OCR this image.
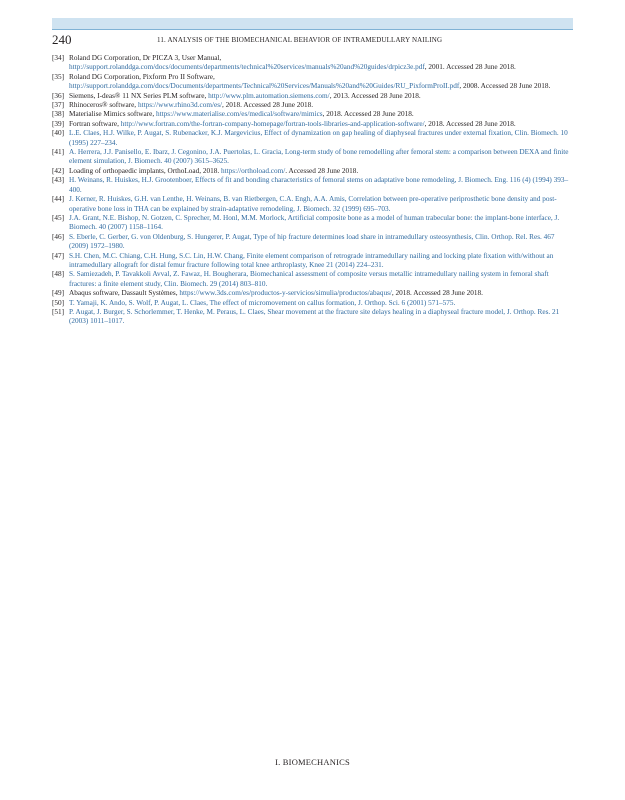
240	11. ANALYSIS OF THE BIOMECHANICAL BEHAVIOR OF INTRAMEDULLARY NAILING
[34] Roland DG Corporation, Dr PICZA 3, User Manual, http://support.rolanddga.com/docs/documents/departments/technical%20services/manuals%20and%20guides/drpicz3e.pdf, 2001. Accessed 28 June 2018.
[35] Roland DG Corporation, Pixform Pro II Software, http://support.rolanddga.com/docs/Documents/departments/Technical%20Services/Manuals%20and%20Guides/RU_PixformProII.pdf, 2008. Accessed 28 June 2018.
[36] Siemens, I-deas® 11 NX Series PLM software, http://www.plm.automation.siemens.com/, 2013. Accessed 28 June 2018.
[37] Rhinoceros® software, https://www.rhino3d.com/es/, 2018. Accessed 28 June 2018.
[38] Materialise Mimics software, https://www.materialise.com/es/medical/software/mimics, 2018. Accessed 28 June 2018.
[39] Fortran software, http://www.fortran.com/the-fortran-company-homepage/fortran-tools-libraries-and-application-software/, 2018. Accessed 28 June 2018.
[40] L.E. Claes, H.J. Wilke, P. Augat, S. Rubenacker, K.J. Margevicius, Effect of dynamization on gap healing of diaphyseal fractures under external fixation, Clin. Biomech. 10 (1995) 227–234.
[41] A. Herrera, J.J. Panisello, E. Ibarz, J. Cegonino, J.A. Puertolas, L. Gracia, Long-term study of bone remodelling after femoral stem: a comparison between DEXA and finite element simulation, J. Biomech. 40 (2007) 3615–3625.
[42] Loading of orthopaedic implants, OrthoLoad, 2018. https://orthoload.com/. Accessed 28 June 2018.
[43] H. Weinans, R. Huiskes, H.J. Grootenboer, Effects of fit and bonding characteristics of femoral stems on adaptative bone remodeling, J. Biomech. Eng. 116 (4) (1994) 393–400.
[44] J. Kerner, R. Huiskes, G.H. van Lenthe, H. Weinans, B. van Rietbergen, C.A. Engh, A.A. Amis, Correlation between pre-operative periprosthetic bone density and post-operative bone loss in THA can be explained by strain-adaptative remodeling, J. Biomech. 32 (1999) 695–703.
[45] J.A. Grant, N.E. Bishop, N. Gotzen, C. Sprecher, M. Honl, M.M. Morlock, Artificial composite bone as a model of human trabecular bone: the implant-bone interface, J. Biomech. 40 (2007) 1158–1164.
[46] S. Eberle, C. Gerber, G. von Oldenburg, S. Hungerer, P. Augat, Type of hip fracture determines load share in intramedullary osteosynthesis, Clin. Orthop. Rel. Res. 467 (2009) 1972–1980.
[47] S.H. Chen, M.C. Chiang, C.H. Hung, S.C. Lin, H.W. Chang, Finite element comparison of retrograde intramedullary nailing and locking plate fixation with/without an intramedullary allograft for distal femur fracture following total knee arthroplasty, Knee 21 (2014) 224–231.
[48] S. Samiezadeh, P. Tavakkoli Avval, Z. Fawaz, H. Bougherara, Biomechanical assessment of composite versus metallic intramedullary nailing system in femoral shaft fractures: a finite element study, Clin. Biomech. 29 (2014) 803–810.
[49] Abaqus software, Dassault Systèmes, https://www.3ds.com/es/productos-y-servicios/simulia/productos/abaqus/, 2018. Accessed 28 June 2018.
[50] T. Yamaji, K. Ando, S. Wolf, P. Augat, L. Claes, The effect of micromovement on callus formation, J. Orthop. Sci. 6 (2001) 571–575.
[51] P. Augat, J. Burger, S. Schorlemmer, T. Henke, M. Peraus, L. Claes, Shear movement at the fracture site delays healing in a diaphyseal fracture model, J. Orthop. Res. 21 (2003) 1011–1017.
I. BIOMECHANICS
